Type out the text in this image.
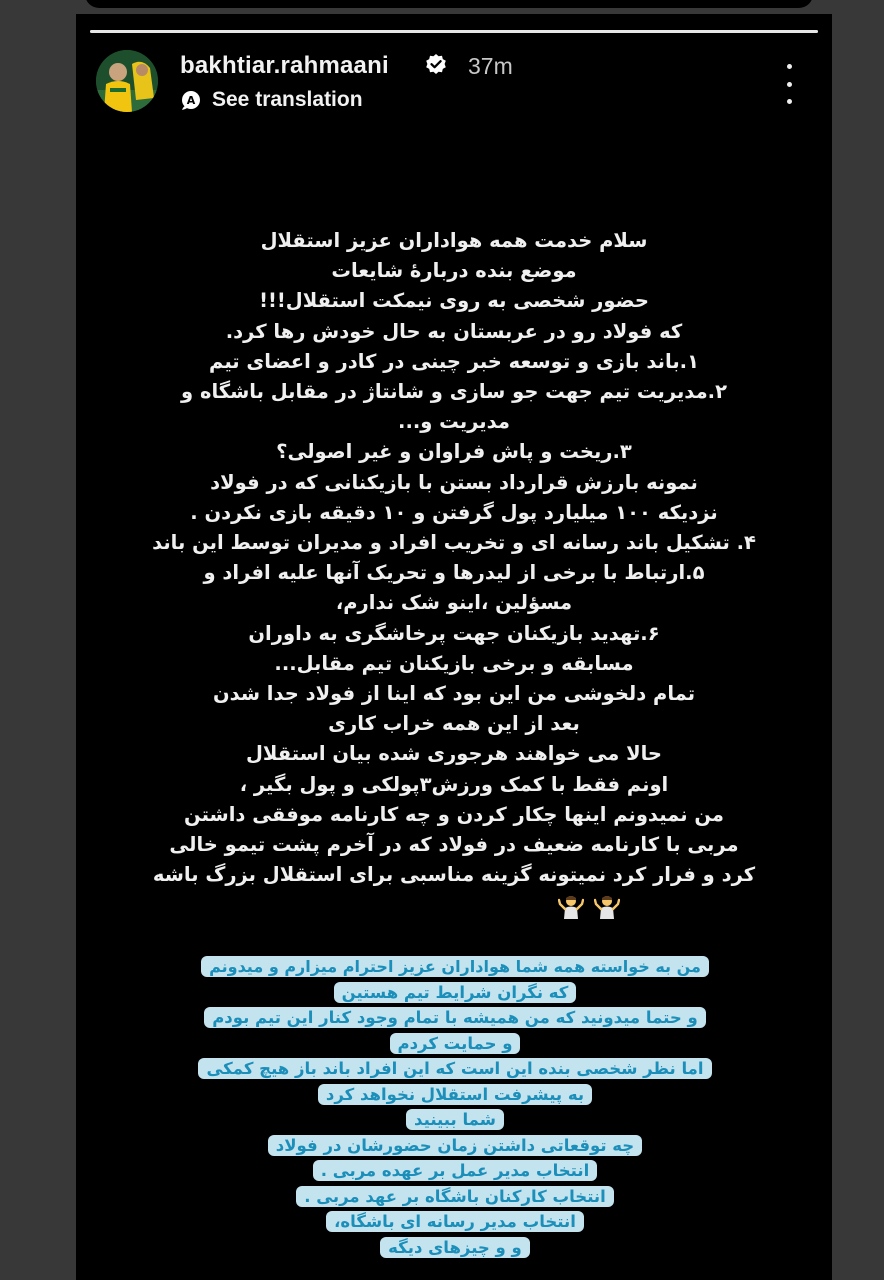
bakhtiar.rahmaani	37m
A See translation
سلام خدمت همه هواداران عزیز استقلال
موضع بنده دربارهٔ شایعات
حضور شخصی به روی نیمکت استقلال!!!
که فولاد رو در عربستان به حال خودش رها کرد.
۱.باند بازی و توسعه خبر چینی در کادر و اعضای تیم
۲.مدیریت تیم جهت جو سازی و شانتاژ در مقابل باشگاه و
مدیریت و...
۳.ریخت و پاش فراوان و غیر اصولی؟
نمونه بارزش قرارداد بستن با بازیکنانی که در فولاد
نزدیکه ۱۰۰ میلیارد پول گرفتن و ۱۰ دقیقه بازی نکردن .
۴. تشکیل باند رسانه ای و تخریب افراد و مدیران توسط این باند
۵.ارتباط با برخی از لیدرها و تحریک آنها علیه افراد و
مسؤلین ،اینو شک ندارم،
۶.تهدید بازیکنان جهت پرخاشگری به داوران
مسابقه و برخی بازیکنان تیم مقابل...
تمام دلخوشی من این بود که اینا از فولاد جدا شدن
بعد از این همه خراب کاری
حالا می خواهند هرجوری شده بیان استقلال
اونم فقط با کمک ورزش۳پولکی و پول بگیر ،
من نمیدونم اینها چکار کردن و چه کارنامه موفقی داشتن
مربی با کارنامه ضعیف در فولاد که در آخرم پشت تیمو خالی
کرد و فرار کرد نمیتونه گزینه مناسبی برای استقلال بزرگ باشه

من به خواسته همه شما هواداران عزیز احترام میزارم و میدونم

که نگران شرایط تیم هستین

و حتما میدونید که من همیشه با تمام وجود کنار این تیم بودم

و حمایت کردم

اما نظر شخصی بنده این است که این افراد باند باز هیچ کمکی

به پیشرفت استقلال نخواهد کرد

شما ببینید

چه توقعاتی داشتن زمان حضورشان در فولاد

انتخاب مدیر عمل بر عهده مربی .

انتخاب کارکنان باشگاه بر عهد مربی .

انتخاب مدیر رسانه ای باشگاه،

و و چیزهای دیگه
